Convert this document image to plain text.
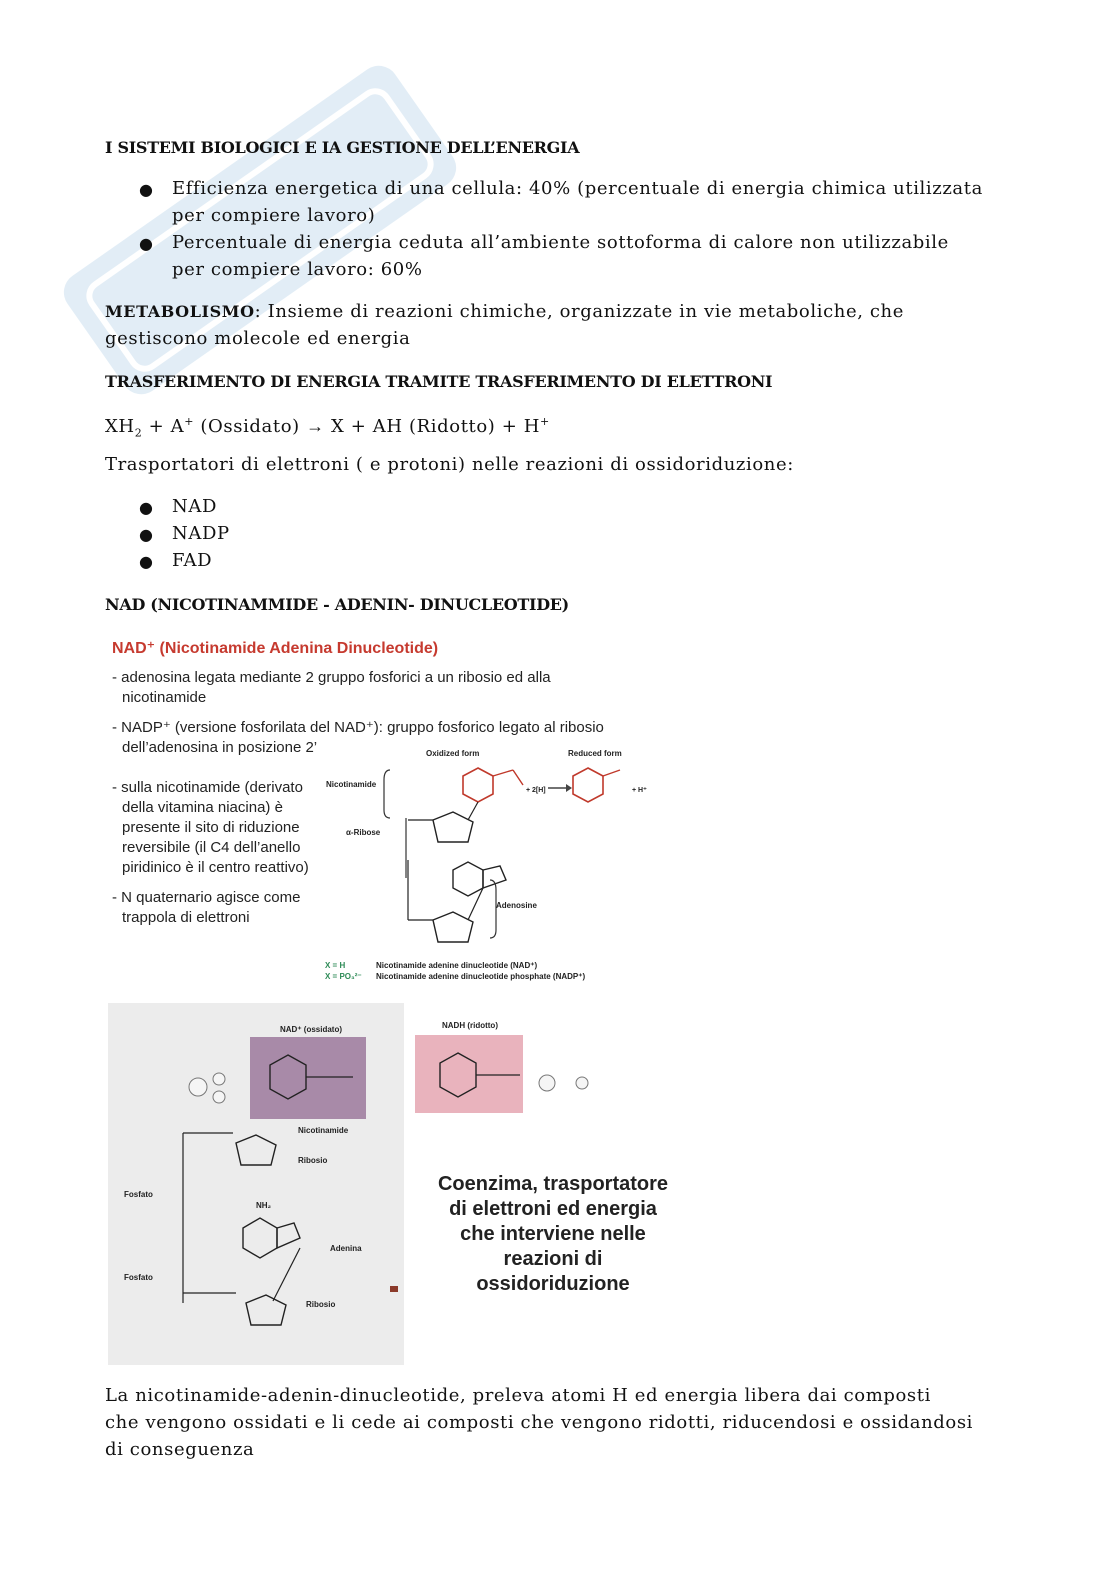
I SISTEMI BIOLOGICI E IA GESTIONE DELL’ENERGIA
● Efficienza energetica di una cellula: 40% (percentuale di energia chimica utilizzata
per compiere lavoro)
● Percentuale di energia ceduta all’ambiente sottoforma di calore non utilizzabile
per compiere lavoro: 60%
METABOLISMO: Insieme di reazioni chimiche, organizzate in vie metaboliche, che
gestiscono molecole ed energia
TRASFERIMENTO DI ENERGIA TRAMITE TRASFERIMENTO DI ELETTRONI
$XH_2 + A^+$ (Ossidato) → X + AH (Ridotto) + H+
Trasportatori di elettroni ( e protoni) nelle reazioni di ossidoriduzione:
● NAD
● NADP
● FAD
NAD (NICOTINAMMIDE - ADENIN- DINUCLEOTIDE)
NAD⁺ (Nicotinamide Adenina Dinucleotide)
- adenosina legata mediante 2 gruppo fosforici a un ribosio ed alla
nicotinamide
- NADP⁺ (versione fosforilata del NAD⁺): gruppo fosforico legato al ribosio
dell’adenosina in posizione 2’
- sulla nicotinamide (derivato
della vitamina niacina) è
presente il sito di riduzione
reversibile (il C4 dell’anello
piridinico è il centro reattivo)
- N quaternario agisce come
trappola di elettroni
Oxidized form	Reduced form
Nicotinamide
α-Ribose
Adenosine
+ 2[H]	+ H⁺
X = H
X = PO₃²⁻
Nicotinamide adenine dinucleotide (NAD⁺)
Nicotinamide adenine dinucleotide phosphate (NADP⁺)
NAD⁺ (ossidato)
Nicotinamide
Ribosio
Fosfato
Adenina
Fosfato
Ribosio
NH₂
NADH (ridotto)
Coenzima, trasportatore
di elettroni ed energia
che interviene nelle
reazioni di
ossidoriduzione
La nicotinamide-adenin-dinucleotide, preleva atomi H ed energia libera dai composti
che vengono ossidati e li cede ai composti che vengono ridotti, riducendosi e ossidandosi
di conseguenza
